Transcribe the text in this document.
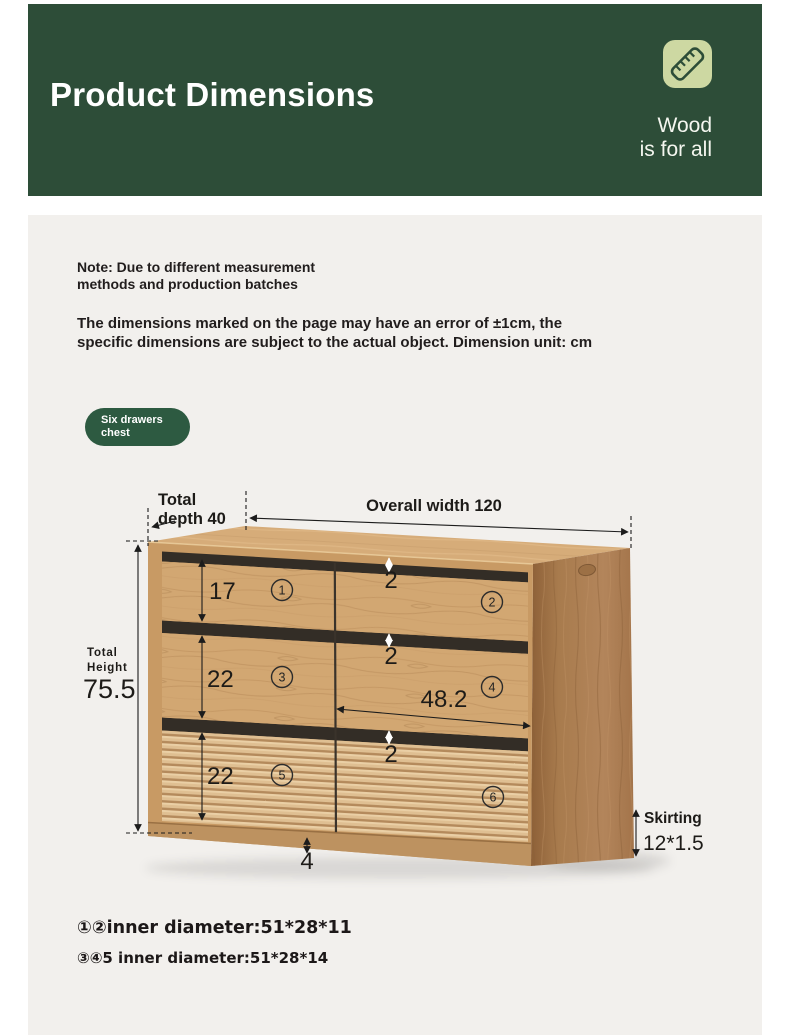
Product Dimensions
Wood
is for all
Note: Due to different measurement
methods and production batches
The dimensions marked on the page may have an error of ±1cm, the
specific dimensions are subject to the actual object. Dimension unit: cm
Six drawers
chest
Overall width 120
Total
depth 40
Total
Height
75.5
17
22
22
2
2
2
48.2
4
Skirting
12*1.5
1
2
3
4
5
6
①②inner diameter:51*28*11
③④5 inner diameter:51*28*14
